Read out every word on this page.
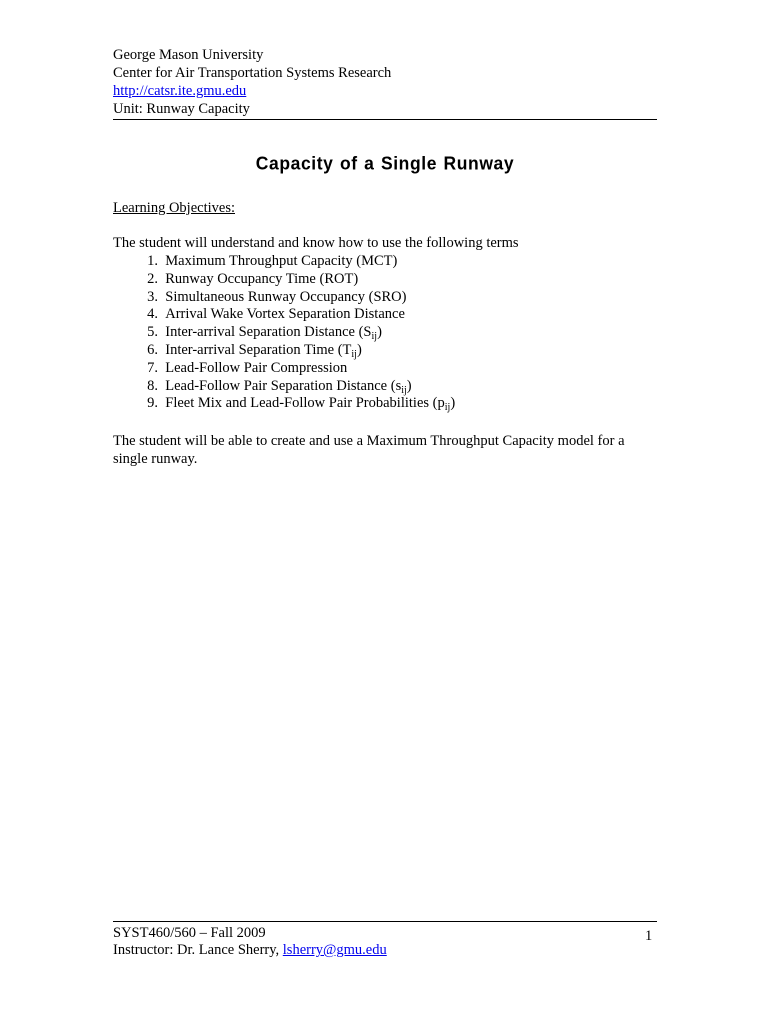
George Mason University
Center for Air Transportation Systems Research
http://catsr.ite.gmu.edu
Unit: Runway Capacity
Capacity of a Single Runway
Learning Objectives:
The student will understand and know how to use the following terms
1.
Maximum Throughput Capacity (MCT)
2.
Runway Occupancy Time (ROT)
3.
Simultaneous Runway Occupancy (SRO)
4.
Arrival Wake Vortex Separation Distance
5.
Inter-arrival Separation Distance $(S_{ij})$
6.
Inter-arrival Separation Time $(T_{ij})$
7.
Lead-Follow Pair Compression
8.
Lead-Follow Pair Separation Distance $(s_{ij})$
9.
Fleet Mix and Lead-Follow Pair Probabilities $(p_{ij})$
The student will be able to create and use a Maximum Throughput Capacity model for a single runway.
SYST460/560 – Fall 2009
Instructor: Dr. Lance Sherry, lsherry@gmu.edu
1
